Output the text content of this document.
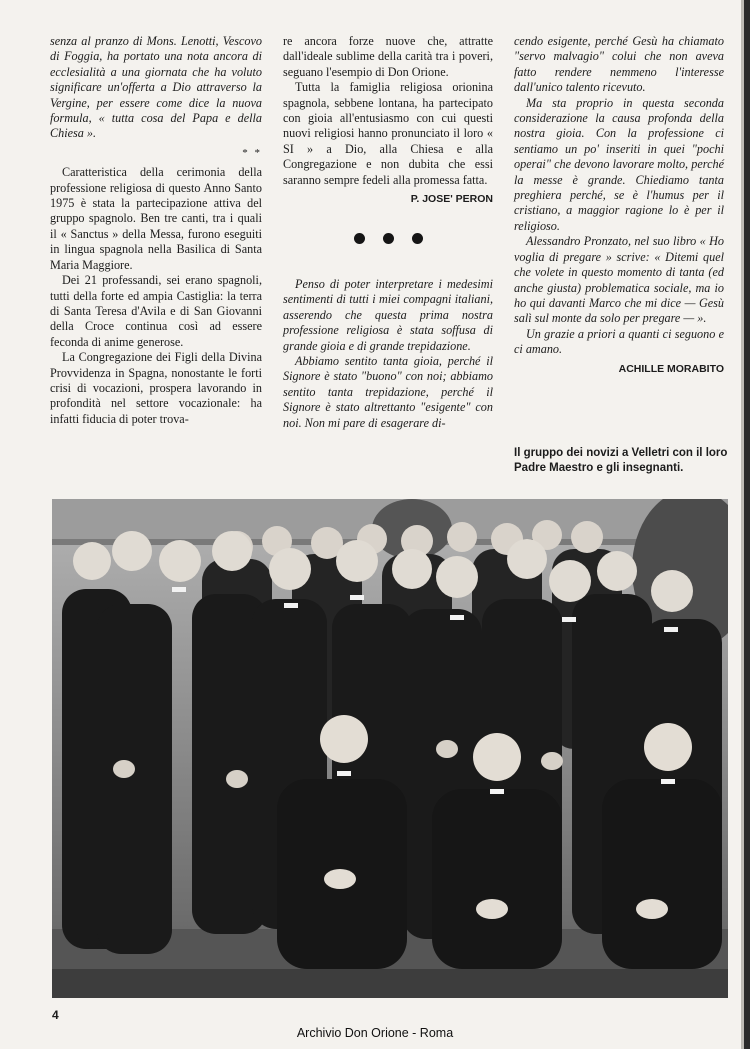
senza al pranzo di Mons. Lenotti, Vescovo di Foggia, ha portato una nota ancora di ecclesialità a una giornata che ha voluto significare un'offerta a Dio attraverso la Vergine, per essere come dice la nuova formula, « tutta cosa del Papa e della Chiesa ».

* *

Caratteristica della cerimonia della professione religiosa di questo Anno Santo 1975 è stata la partecipazione attiva del gruppo spagnolo. Ben tre canti, tra i quali il « Sanctus » della Messa, furono eseguiti in lingua spagnola nella Basilica di Santa Maria Maggiore.

Dei 21 professandi, sei erano spagnoli, tutti della forte ed ampia Castiglia: la terra di Santa Teresa d'Avila e di San Giovanni della Croce continua così ad essere feconda di anime generose.

La Congregazione dei Figli della Divina Provvidenza in Spagna, nonostante le forti crisi di vocazioni, prospera lavorando in profondità nel settore vocazionale: ha infatti fiducia di poter trova-

re ancora forze nuove che, attratte dall'ideale sublime della carità tra i poveri, seguano l'esempio di Don Orione.

Tutta la famiglia religiosa orionina spagnola, sebbene lontana, ha partecipato con gioia all'entusiasmo con cui questi nuovi religiosi hanno pronunciato il loro « SI » a Dio, alla Chiesa e alla Congregazione e non dubita che essi saranno sempre fedeli alla promessa fatta.

P. JOSE' PERON

Penso di poter interpretare i medesimi sentimenti di tutti i miei compagni italiani, asserendo che questa prima nostra professione religiosa è stata soffusa di grande gioia e di grande trepidazione.

Abbiamo sentito tanta gioia, perché il Signore è stato "buono" con noi; abbiamo sentito tanta trepidazione, perché il Signore è stato altrettanto "esigente" con noi. Non mi pare di esagerare di-

cendo esigente, perché Gesù ha chiamato "servo malvagio" colui che non aveva fatto rendere nemmeno l'interesse dall'unico talento ricevuto.

Ma sta proprio in questa seconda considerazione la causa profonda della nostra gioia. Con la professione ci sentiamo un po' inseriti in quei "pochi operai" che devono lavorare molto, perché la messe è grande. Chiediamo tanta preghiera perché, se è l'humus per il cristiano, a maggior ragione lo è per il religioso.

Alessandro Pronzato, nel suo libro « Ho voglia di pregare » scrive: « Ditemi quel che volete in questo momento di tanta (ed anche giusta) problematica sociale, ma io ho qui davanti Marco che mi dice — Gesù salì sul monte da solo per pregare — ».

Un grazie a priori a quanti ci seguono e ci amano.

ACHILLE MORABITO
Il gruppo dei novizi a Velletri con il loro Padre Maestro e gli insegnanti.
4
Archivio Don Orione - Roma
